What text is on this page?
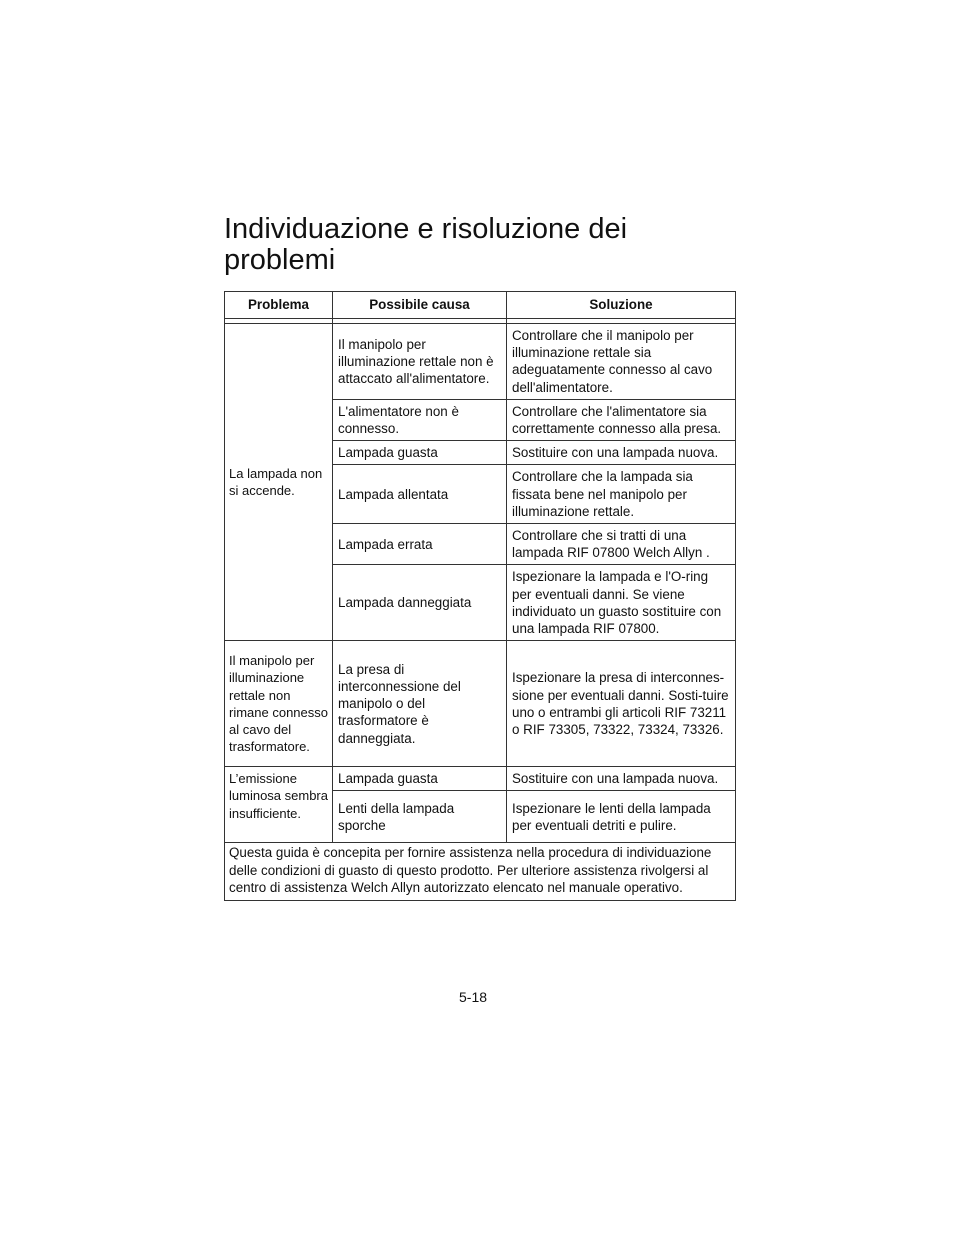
Individuazione e risoluzione dei problemi
Problema	Possibile causa	Soluzione

La lampada non si accende.	Il manipolo per illuminazione rettale non è attaccato all'alimentatore.	Controllare che il manipolo per illuminazione rettale sia adeguatamente connesso al cavo dell'alimentatore.
	L'alimentatore non è connesso.	Controllare che l'alimentatore sia correttamente connesso alla presa.
	Lampada guasta	Sostituire con una lampada nuova.
	Lampada allentata	Controllare che la lampada sia fissata bene nel manipolo per illuminazione rettale.
	Lampada errata	Controllare che si tratti di una lampada RIF 07800 Welch Allyn .
	Lampada danneggiata	Ispezionare la lampada e l'O-ring per eventuali danni. Se viene individuato un guasto sostituire con una lampada RIF 07800.
Il manipolo per illuminazione rettale non rimane connesso al cavo del trasformatore.	La presa di interconnessione del manipolo o del trasformatore è danneggiata.	Ispezionare la presa di interconnes-sione per eventuali danni. Sosti-tuire uno o entrambi gli articoli RIF 73211 o RIF 73305, 73322, 73324, 73326.
L’emissione luminosa sembra insufficiente.	Lampada guasta	Sostituire con una lampada nuova.
	Lenti della lampada sporche	Ispezionare le lenti della lampada per eventuali detriti e pulire.
Questa guida è concepita per fornire assistenza nella procedura di individuazione delle condizioni di guasto di questo prodotto. Per ulteriore assistenza rivolgersi al centro di assistenza Welch Allyn autorizzato elencato nel manuale operativo.		
5-18
